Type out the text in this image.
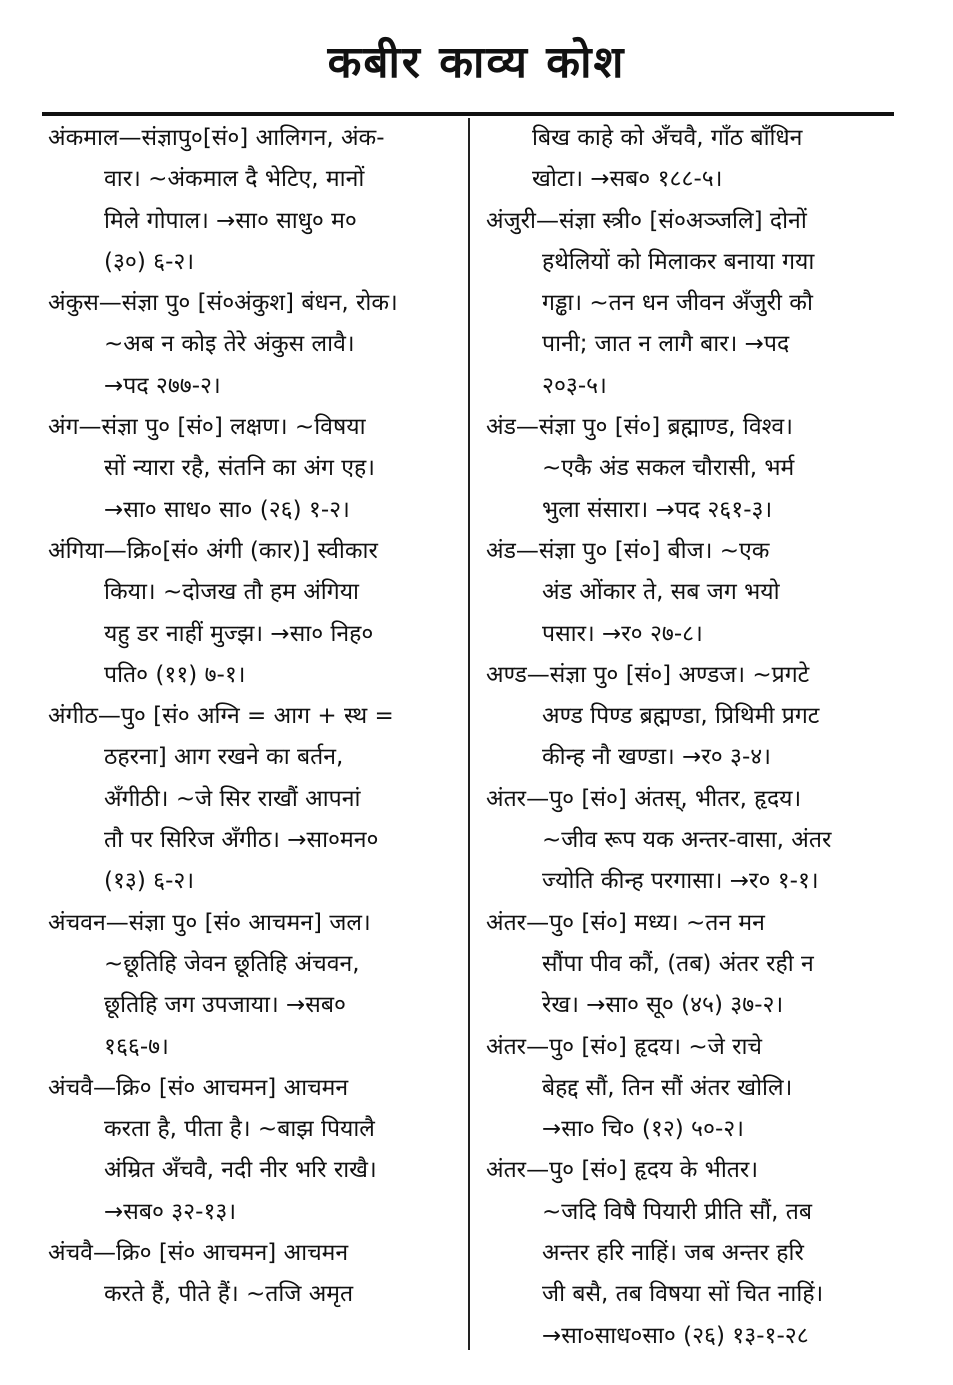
कबीर काव्य कोश
अंकमाल—संज्ञापु०[सं०] आलिगन, अंक-
वार। ~अंकमाल दै भेटिए, मानों
मिले गोपाल। →सा० साधु० म०
(३०) ६-२।
अंकुस—संज्ञा पु० [सं०अंकुश] बंधन, रोक।
~अब न कोइ तेरे अंकुस लावै।
→पद २७७-२।
अंग—संज्ञा पु० [सं०] लक्षण। ~विषया
सों न्यारा रहै, संतनि का अंग एह।
→सा० साध० सा० (२६) १-२।
अंगिया—क्रि०[सं० अंगी (कार)] स्वीकार
किया। ~दोजख तौ हम अंगिया
यहु डर नाहीं मुज्झ। →सा० निह०
पति० (११) ७-१।
अंगीठ—पु० [सं० अग्नि = आग + स्थ =
ठहरना] आग रखने का बर्तन,
अँगीठी। ~जे सिर राखौं आपनां
तौ पर सिरिज अँगीठ। →सा०मन०
(१३) ६-२।
अंचवन—संज्ञा पु० [सं० आचमन] जल।
~छूतिहि जेवन छूतिहि अंचवन,
छूतिहि जग उपजाया। →सब०
१६६-७।
अंचवै—क्रि० [सं० आचमन] आचमन
करता है, पीता है। ~बाझ पियालै
अंम्रित अँचवै, नदी नीर भरि राखै।
→सब० ३२-१३।
अंचवै—क्रि० [सं० आचमन] आचमन
करते हैं, पीते हैं। ~तजि अमृत
बिख काहे को अँचवै, गाँठ बाँधिन
खोटा। →सब० १८८-५।
अंजुरी—संज्ञा स्त्री० [सं०अञ्जलि] दोनों
हथेलियों को मिलाकर बनाया गया
गड्ढा। ~तन धन जीवन अँजुरी कौ
पानी; जात न लागै बार। →पद
२०३-५।
अंड—संज्ञा पु० [सं०] ब्रह्माण्ड, विश्व।
~एकै अंड सकल चौरासी, भर्म
भुला संसारा। →पद २६१-३।
अंड—संज्ञा पु० [सं०] बीज। ~एक
अंड ओंकार ते, सब जग भयो
पसार। →र० २७-८।
अण्ड—संज्ञा पु० [सं०] अण्डज। ~प्रगटे
अण्ड पिण्ड ब्रह्मण्डा, प्रिथिमी प्रगट
कीन्ह नौ खण्डा। →र० ३-४।
अंतर—पु० [सं०] अंतस्, भीतर, हृदय।
~जीव रूप यक अन्तर-वासा, अंतर
ज्योति कीन्ह परगासा। →र० १-१।
अंतर—पु० [सं०] मध्य। ~तन मन
सौंपा पीव कौं, (तब) अंतर रही न
रेख। →सा० सू० (४५) ३७-२।
अंतर—पु० [सं०] हृदय। ~जे राचे
बेहद्द सौं, तिन सौं अंतर खोलि।
→सा० चि० (१२) ५०-२।
अंतर—पु० [सं०] हृदय के भीतर।
~जदि विषै पियारी प्रीति सौं, तब
अन्तर हरि नाहिं। जब अन्तर हरि
जी बसै, तब विषया सों चित नाहिं।
→सा०साध०सा० (२६) १३-१-२८
